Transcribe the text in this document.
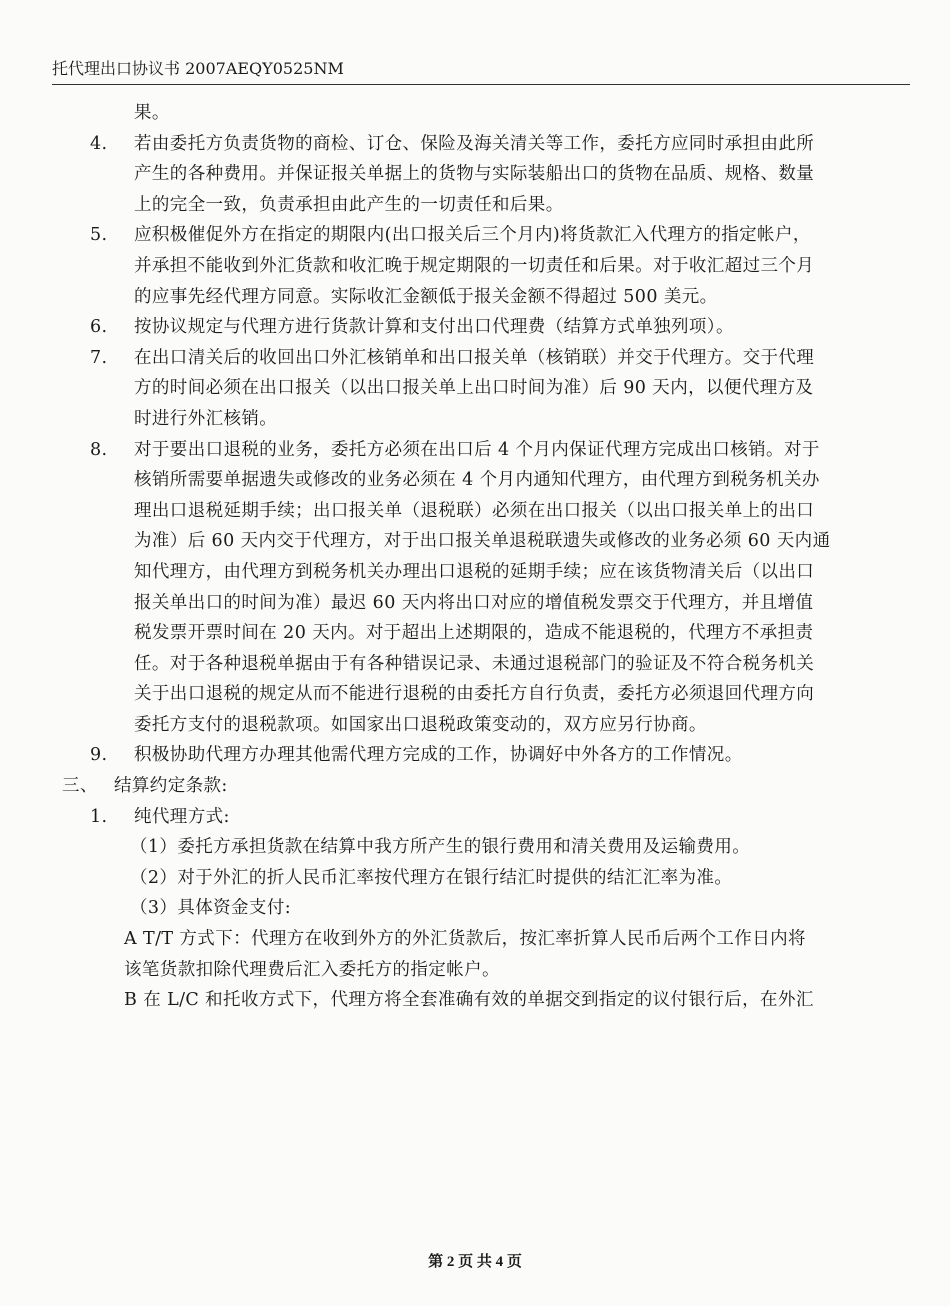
托代理出口协议书 2007AEQY0525NM
果。
4.	若由委托方负责货物的商检、订仓、保险及海关清关等工作，委托方应同时承担由此所
产生的各种费用。并保证报关单据上的货物与实际装船出口的货物在品质、规格、数量
上的完全一致，负责承担由此产生的一切责任和后果。
5.	应积极催促外方在指定的期限内(出口报关后三个月内)将货款汇入代理方的指定帐户，
并承担不能收到外汇货款和收汇晚于规定期限的一切责任和后果。对于收汇超过三个月
的应事先经代理方同意。实际收汇金额低于报关金额不得超过 500 美元。
6.	按协议规定与代理方进行货款计算和支付出口代理费（结算方式单独列项）。
7.	在出口清关后的收回出口外汇核销单和出口报关单（核销联）并交于代理方。交于代理
方的时间必须在出口报关（以出口报关单上出口时间为准）后 90 天内，以便代理方及
时进行外汇核销。
8.	对于要出口退税的业务，委托方必须在出口后 4 个月内保证代理方完成出口核销。对于
核销所需要单据遗失或修改的业务必须在 4 个月内通知代理方，由代理方到税务机关办
理出口退税延期手续；出口报关单（退税联）必须在出口报关（以出口报关单上的出口
为准）后 60 天内交于代理方，对于出口报关单退税联遗失或修改的业务必须 60 天内通
知代理方，由代理方到税务机关办理出口退税的延期手续；应在该货物清关后（以出口
报关单出口的时间为准）最迟 60 天内将出口对应的增值税发票交于代理方，并且增值
税发票开票时间在 20 天内。对于超出上述期限的，造成不能退税的，代理方不承担责
任。对于各种退税单据由于有各种错误记录、未通过退税部门的验证及不符合税务机关
关于出口退税的规定从而不能进行退税的由委托方自行负责，委托方必须退回代理方向
委托方支付的退税款项。如国家出口退税政策变动的，双方应另行协商。
9.	积极协助代理方办理其他需代理方完成的工作，协调好中外各方的工作情况。
三、 结算约定条款:
1.	纯代理方式:
（1）委托方承担货款在结算中我方所产生的银行费用和清关费用及运输费用。
（2）对于外汇的折人民币汇率按代理方在银行结汇时提供的结汇汇率为准。
（3）具体资金支付:
A T/T 方式下：代理方在收到外方的外汇货款后，按汇率折算人民币后两个工作日内将
该笔货款扣除代理费后汇入委托方的指定帐户。
B 在 L/C 和托收方式下，代理方将全套准确有效的单据交到指定的议付银行后，在外汇
第 2 页 共 4 页
